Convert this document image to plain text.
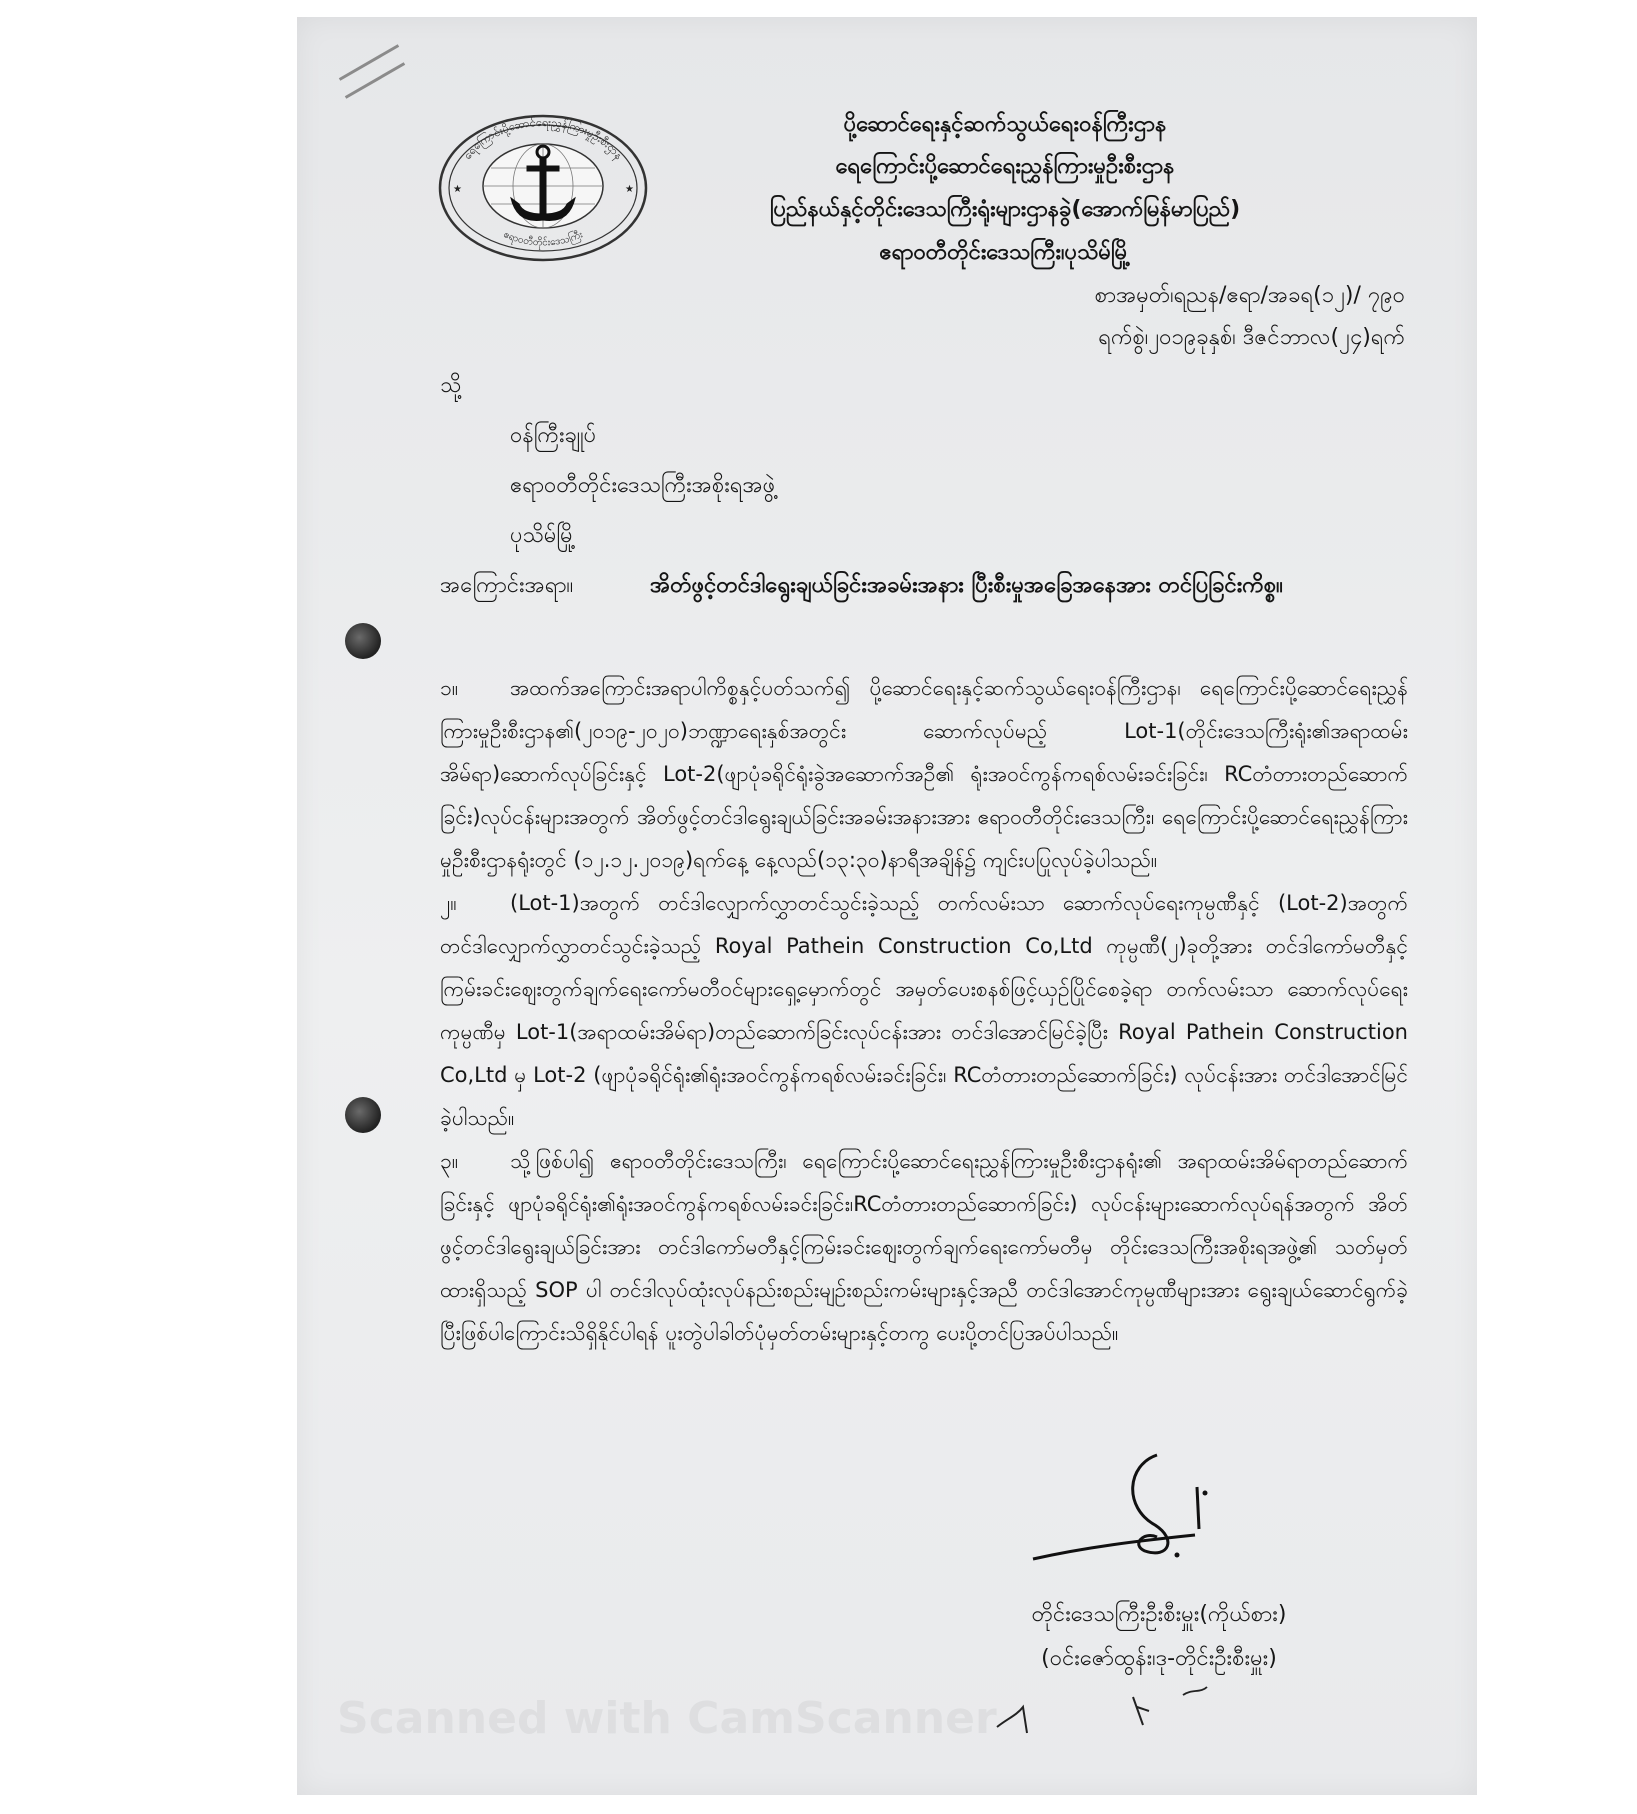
ရေကြောင်းပို့ဆောင်ရေးညွှန်ကြားမှုဦးစီးဌာန
ဧရာဝတီတိုင်းဒေသကြီး
★	★
ပို့ဆောင်ရေးနှင့်ဆက်သွယ်ရေးဝန်ကြီးဌာန
ရေကြောင်းပို့ဆောင်ရေးညွှန်ကြားမှုဦးစီးဌာန
ပြည်နယ်နှင့်တိုင်းဒေသကြီးရုံးများဌာနခွဲ(အောက်မြန်မာပြည်)
ဧရာဝတီတိုင်းဒေသကြီး၊ပုသိမ်မြို့
စာအမှတ်၊ရညန/ဧရာ/အခရ(၁၂)/ ၇၉၀
ရက်စွဲ၊၂၀၁၉ခုနှစ်၊ ဒီဇင်ဘာလ(၂၄)ရက်
သို့
ဝန်ကြီးချုပ်
ဧရာဝတီတိုင်းဒေသကြီးအစိုးရအဖွဲ့
ပုသိမ်မြို့
အကြောင်းအရာ။	အိတ်ဖွင့်တင်ဒါရွေးချယ်ခြင်းအခမ်းအနား ပြီးစီးမှုအခြေအနေအား တင်ပြခြင်းကိစ္စ။

၁။ အထက်အကြောင်းအရာပါကိစ္စနှင့်ပတ်သက်၍ ပို့ဆောင်ရေးနှင့်ဆက်သွယ်ရေးဝန်ကြီးဌာန၊ ရေကြောင်းပို့ဆောင်ရေးညွှန်ကြားမှုဦးစီးဌာန၏(၂၀၁၉-၂၀၂၀)ဘဏ္ဍာရေးနှစ်အတွင်း ဆောက်လုပ်မည့် Lot-1(တိုင်းဒေသကြီးရုံး၏အရာထမ်းအိမ်ရာ)ဆောက်လုပ်ခြင်းနှင့် Lot-2(ဖျာပုံခရိုင်ရုံးခွဲအဆောက်အဦ၏ ရုံးအဝင်ကွန်ကရစ်လမ်းခင်းခြင်း၊ RCတံတားတည်ဆောက်ခြင်း)လုပ်ငန်းများအတွက် အိတ်ဖွင့်တင်ဒါရွေးချယ်ခြင်းအခမ်းအနားအား ဧရာဝတီတိုင်းဒေသကြီး၊ ရေကြောင်းပို့ဆောင်ရေးညွှန်ကြားမှုဦးစီးဌာနရုံးတွင် (၁၂.၁၂.၂၀၁၉)ရက်နေ့ နေ့လည်(၁၃:၃၀)နာရီအချိန်၌ ကျင်းပပြုလုပ်ခဲ့ပါသည်။

၂။	(Lot-1)အတွက် တင်ဒါလျှောက်လွှာတင်သွင်းခဲ့သည့် တက်လမ်းသာ ဆောက်လုပ်ရေးကုမ္ပဏီနှင့် (Lot-2)အတွက် တင်ဒါလျှောက်လွှာတင်သွင်းခဲ့သည့် Royal Pathein Construction Co,Ltd ကုမ္ပဏီ(၂)ခုတို့အား တင်ဒါကော်မတီနှင့် ကြမ်းခင်းဈေးတွက်ချက်ရေးကော်မတီဝင်များရှေ့မှောက်တွင် အမှတ်ပေးစနစ်ဖြင့်ယှဉ်ပြိုင်စေခဲ့ရာ တက်လမ်းသာ ဆောက်လုပ်ရေးကုမ္ပဏီမှ Lot-1(အရာထမ်းအိမ်ရာ)တည်ဆောက်ခြင်းလုပ်ငန်းအား တင်ဒါအောင်မြင်ခဲ့ပြီး Royal Pathein Construction Co,Ltd မှ Lot-2 (ဖျာပုံခရိုင်ရုံး၏ရုံးအဝင်ကွန်ကရစ်လမ်းခင်းခြင်း၊ RCတံတားတည်ဆောက်ခြင်း) လုပ်ငန်းအား တင်ဒါအောင်မြင်ခဲ့ပါသည်။

၃။ သို့ဖြစ်ပါ၍ ဧရာဝတီတိုင်းဒေသကြီး၊ ရေကြောင်းပို့ဆောင်ရေးညွှန်ကြားမှုဦးစီးဌာနရုံး၏ အရာထမ်းအိမ်ရာတည်ဆောက်ခြင်းနှင့် ဖျာပုံခရိုင်ရုံး၏ရုံးအဝင်ကွန်ကရစ်လမ်းခင်းခြင်း၊RCတံတားတည်ဆောက်ခြင်း) လုပ်ငန်းများဆောက်လုပ်ရန်အတွက် အိတ်ဖွင့်တင်ဒါရွေးချယ်ခြင်းအား တင်ဒါကော်မတီနှင့်ကြမ်းခင်းဈေးတွက်ချက်ရေးကော်မတီမှ တိုင်းဒေသကြီးအစိုးရအဖွဲ့၏ သတ်မှတ်ထားရှိသည့် SOP ပါ တင်ဒါလုပ်ထုံးလုပ်နည်းစည်းမျဉ်းစည်းကမ်းများနှင့်အညီ တင်ဒါအောင်ကုမ္ပဏီများအား ရွေးချယ်ဆောင်ရွက်ခဲ့ပြီးဖြစ်ပါကြောင်းသိရှိနိုင်ပါရန် ပူးတွဲပါခါတ်ပုံမှတ်တမ်းများနှင့်တကွ ပေးပို့တင်ပြအပ်ပါသည်။

တိုင်းဒေသကြီးဦးစီးမှူး(ကိုယ်စား)
(ဝင်းဇော်ထွန်း၊ဒု-တိုင်းဦးစီးမှူး)
Scanned with CamScanner
